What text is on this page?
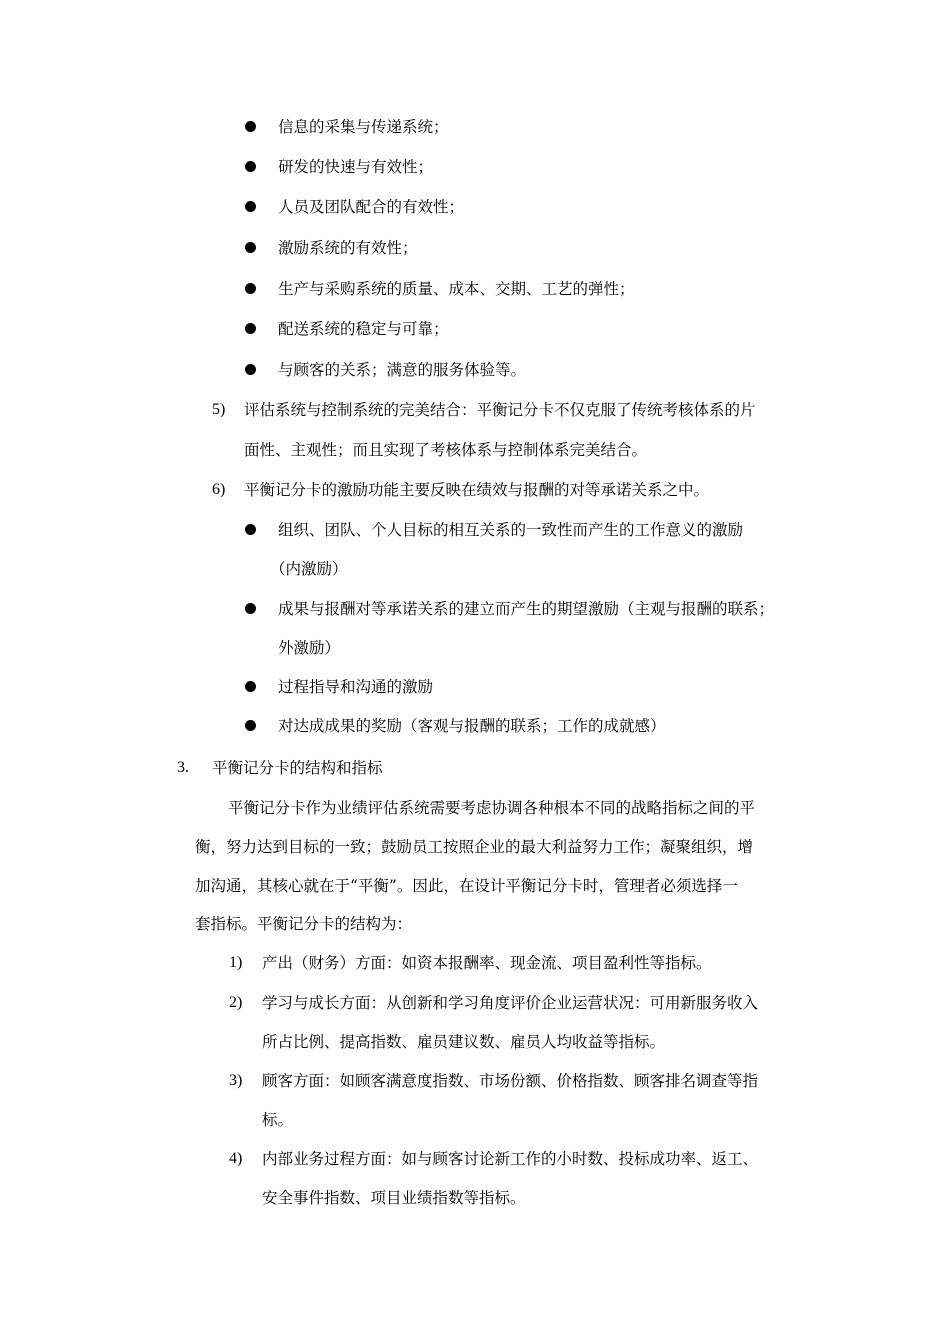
信息的采集与传递系统；
研发的快速与有效性；
人员及团队配合的有效性；
激励系统的有效性；
生产与采购系统的质量、成本、交期、工艺的弹性；
配送系统的稳定与可靠；
与顾客的关系；满意的服务体验等。
5) 评估系统与控制系统的完美结合：平衡记分卡不仅克服了传统考核体系的片
面性、主观性；而且实现了考核体系与控制体系完美结合。
6) 平衡记分卡的激励功能主要反映在绩效与报酬的对等承诺关系之中。
组织、团队、个人目标的相互关系的一致性而产生的工作意义的激励
（内激励）
成果与报酬对等承诺关系的建立而产生的期望激励（主观与报酬的联系；
外激励）
过程指导和沟通的激励
对达成成果的奖励（客观与报酬的联系；工作的成就感）
3. 平衡记分卡的结构和指标
平衡记分卡作为业绩评估系统需要考虑协调各种根本不同的战略指标之间的平
衡，努力达到目标的一致；鼓励员工按照企业的最大利益努力工作；凝聚组织，增
加沟通，其核心就在于“平衡”。因此，在设计平衡记分卡时，管理者必须选择一
套指标。平衡记分卡的结构为：
1) 产出（财务）方面：如资本报酬率、现金流、项目盈利性等指标。
2) 学习与成长方面：从创新和学习角度评价企业运营状况：可用新服务收入
所占比例、提高指数、雇员建议数、雇员人均收益等指标。
3) 顾客方面：如顾客满意度指数、市场份额、价格指数、顾客排名调查等指
标。
4) 内部业务过程方面：如与顾客讨论新工作的小时数、投标成功率、返工、
安全事件指数、项目业绩指数等指标。
